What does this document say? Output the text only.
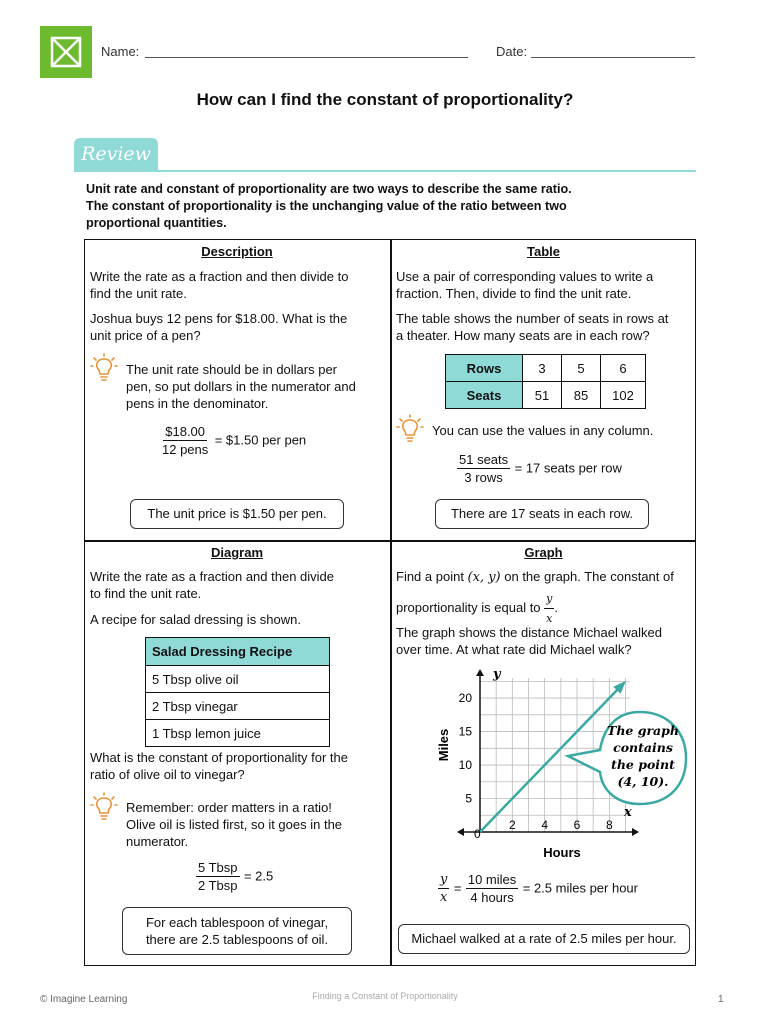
Name:	Date:
How can I find the constant of proportionality?
Review
Unit rate and constant of proportionality are two ways to describe the same ratio.
The constant of proportionality is the unchanging value of the ratio between two
proportional quantities.
Description
Write the rate as a fraction and then divide to
find the unit rate.
Joshua buys 12 pens for $18.00. What is the
unit price of a pen?
The unit rate should be in dollars per
pen, so put dollars in the numerator and
pens in the denominator.
$\frac{\$18.00}{\text{12 pens}}$ = $1.50 per pen
The unit price is $1.50 per pen.
Table
Use a pair of corresponding values to write a
fraction. Then, divide to find the unit rate.
The table shows the number of seats in rows at
a theater. How many seats are in each row?
Rows	3	5	6
Seats	51	85	102
You can use the values in any column.
$\frac{\text{51 seats}}{\text{3 rows}} = 17$ seats per row
There are 17 seats in each row.
Diagram
Write the rate as a fraction and then divide
to find the unit rate.
A recipe for salad dressing is shown.
Salad Dressing Recipe
5 Tbsp olive oil
2 Tbsp vinegar
1 Tbsp lemon juice
What is the constant of proportionality for the
ratio of olive oil to vinegar?
Remember: order matters in a ratio!
Olive oil is listed first, so it goes in the
numerator.
$\frac{\text{5 Tbsp}}{\text{2 Tbsp}} = 2.5$
For each tablespoon of vinegar,
there are 2.5 tablespoons of oil.
Graph
Find a point (x, y) on the graph. The constant of
proportionality is equal to $\frac{y}{x}$ .
The graph shows the distance Michael walked
over time. At what rate did Michael walk?
5
10
15
20
2 4 6 8
Miles
Hours
y
x
0
The graph
contains
the point
(4, 10).
$\frac{y}{x} = \frac{\text{10 miles}}{\text{4 hours}} = 2.5$ miles per hour
Michael walked at a rate of 2.5 miles per hour.
© Imagine Learning	Finding a Constant of Proportionality	1
